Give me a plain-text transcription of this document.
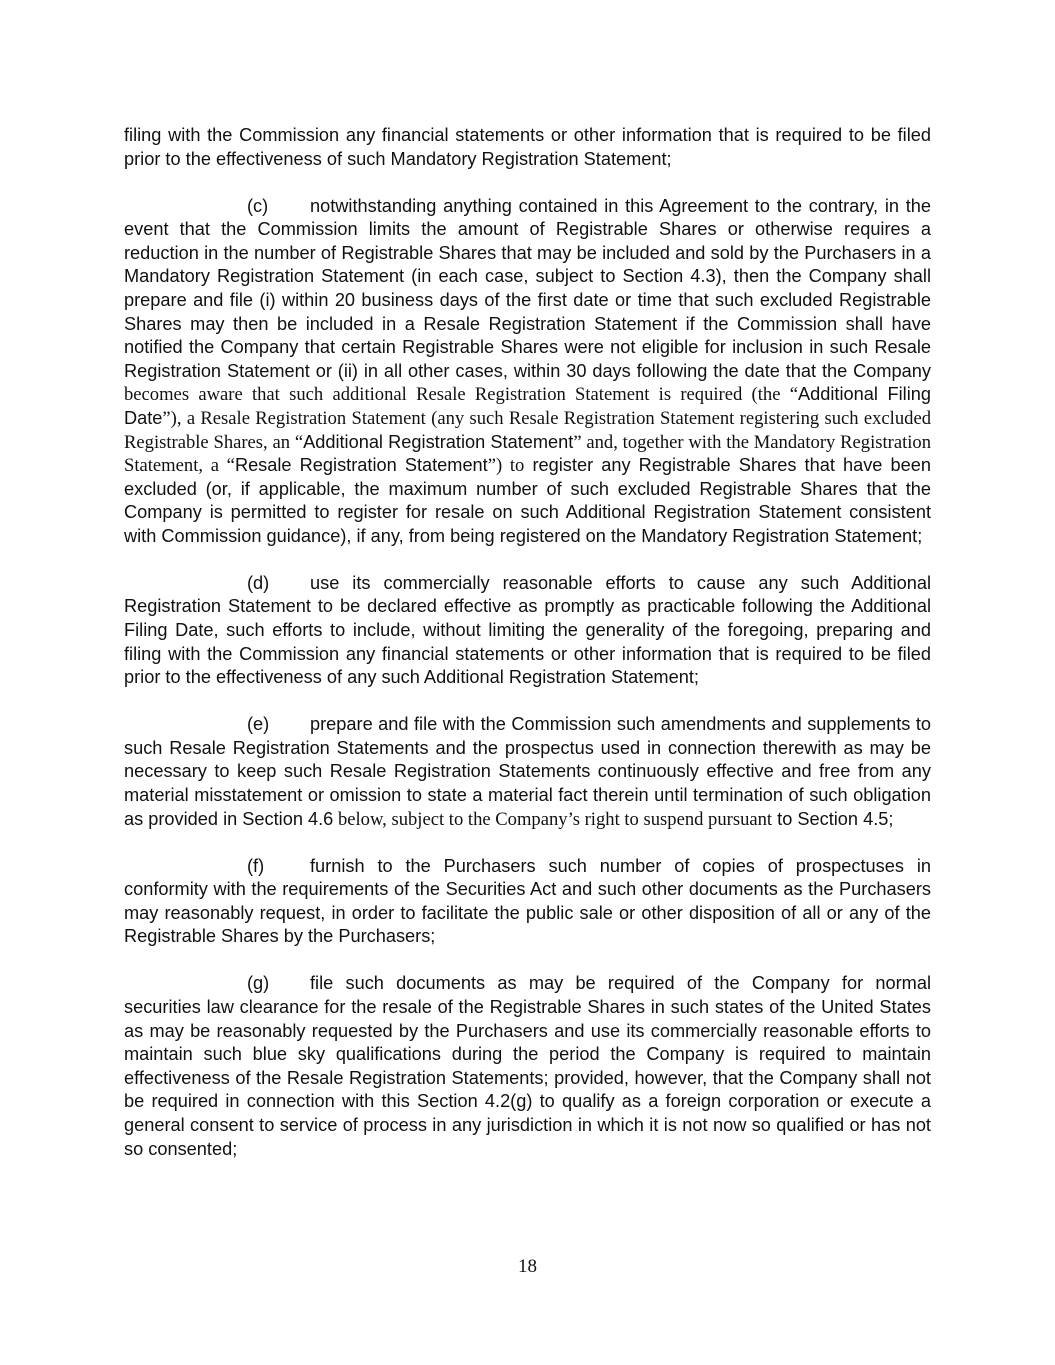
filing with the Commission any financial statements or other information that is required to be filed prior to the effectiveness of such Mandatory Registration Statement;

(c) notwithstanding anything contained in this Agreement to the contrary, in the event that the Commission limits the amount of Registrable Shares or otherwise requires a reduction in the number of Registrable Shares that may be included and sold by the Purchasers in a Mandatory Registration Statement (in each case, subject to Section 4.3), then the Company shall prepare and file (i) within 20 business days of the first date or time that such excluded Registrable Shares may then be included in a Resale Registration Statement if the Commission shall have notified the Company that certain Registrable Shares were not eligible for inclusion in such Resale Registration Statement or (ii) in all other cases, within 30 days following the date that the Company becomes aware that such additional Resale Registration Statement is required (the “Additional Filing Date”), a Resale Registration Statement (any such Resale Registration Statement registering such excluded Registrable Shares, an “Additional Registration Statement” and, together with the Mandatory Registration Statement, a “Resale Registration Statement”) to register any Registrable Shares that have been excluded (or, if applicable, the maximum number of such excluded Registrable Shares that the Company is permitted to register for resale on such Additional Registration Statement consistent with Commission guidance), if any, from being registered on the Mandatory Registration Statement;

(d) use its commercially reasonable efforts to cause any such Additional Registration Statement to be declared effective as promptly as practicable following the Additional Filing Date, such efforts to include, without limiting the generality of the foregoing, preparing and filing with the Commission any financial statements or other information that is required to be filed prior to the effectiveness of any such Additional Registration Statement;

(e) prepare and file with the Commission such amendments and supplements to such Resale Registration Statements and the prospectus used in connection therewith as may be necessary to keep such Resale Registration Statements continuously effective and free from any material misstatement or omission to state a material fact therein until termination of such obligation as provided in Section 4.6 below, subject to the Company’s right to suspend pursuant to Section 4.5;

(f)	furnish to the Purchasers such number of copies of prospectuses in conformity with the requirements of the Securities Act and such other documents as the Purchasers may reasonably request, in order to facilitate the public sale or other disposition of all or any of the Registrable Shares by the Purchasers;

(g) file such documents as may be required of the Company for normal securities law clearance for the resale of the Registrable Shares in such states of the United States as may be reasonably requested by the Purchasers and use its commercially reasonable efforts to maintain such blue sky qualifications during the period the Company is required to maintain effectiveness of the Resale Registration Statements; provided, however, that the Company shall not be required in connection with this Section 4.2(g) to qualify as a foreign corporation or execute a general consent to service of process in any jurisdiction in which it is not now so qualified or has not so consented;

18
